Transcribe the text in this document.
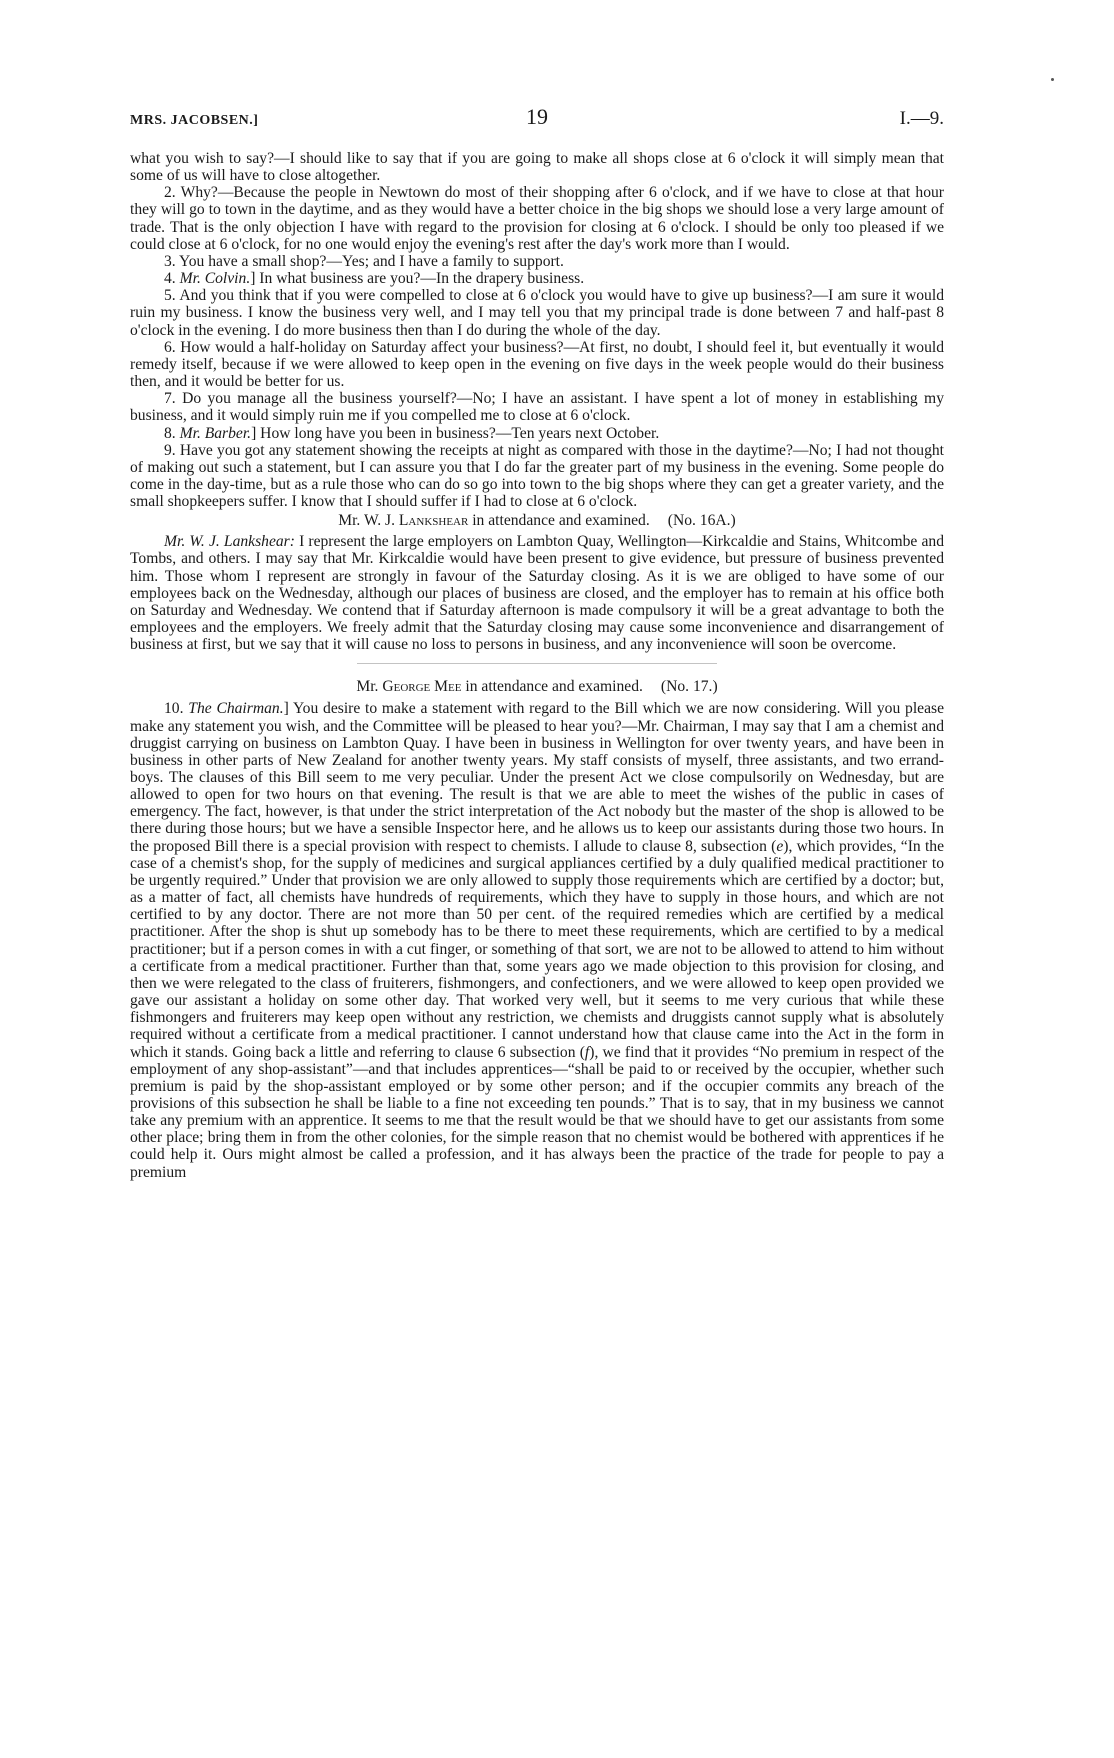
MRS. JACOBSEN.]	19	I.—9.

what you wish to say?—I should like to say that if you are going to make all shops close at 6 o'clock it will simply mean that some of us will have to close altogether.

2. Why?—Because the people in Newtown do most of their shopping after 6 o'clock, and if we have to close at that hour they will go to town in the daytime, and as they would have a better choice in the big shops we should lose a very large amount of trade. That is the only objection I have with regard to the provision for closing at 6 o'clock. I should be only too pleased if we could close at 6 o'clock, for no one would enjoy the evening's rest after the day's work more than I would.

3. You have a small shop?—Yes; and I have a family to support.

4. Mr. Colvin.] In what business are you?—In the drapery business.

5. And you think that if you were compelled to close at 6 o'clock you would have to give up business?—I am sure it would ruin my business. I know the business very well, and I may tell you that my principal trade is done between 7 and half-past 8 o'clock in the evening. I do more business then than I do during the whole of the day.

6. How would a half-holiday on Saturday affect your business?—At first, no doubt, I should feel it, but eventually it would remedy itself, because if we were allowed to keep open in the evening on five days in the week people would do their business then, and it would be better for us.

7. Do you manage all the business yourself?—No; I have an assistant. I have spent a lot of money in establishing my business, and it would simply ruin me if you compelled me to close at 6 o'clock.

8. Mr. Barber.] How long have you been in business?—Ten years next October.

9. Have you got any statement showing the receipts at night as compared with those in the daytime?—No; I had not thought of making out such a statement, but I can assure you that I do far the greater part of my business in the evening. Some people do come in the day-time, but as a rule those who can do so go into town to the big shops where they can get a greater variety, and the small shopkeepers suffer. I know that I should suffer if I had to close at 6 o'clock.

Mr. W. J. Lankshear in attendance and examined. (No. 16A.)

Mr. W. J. Lankshear: I represent the large employers on Lambton Quay, Wellington—Kirkcaldie and Stains, Whitcombe and Tombs, and others. I may say that Mr. Kirkcaldie would have been present to give evidence, but pressure of business prevented him. Those whom I represent are strongly in favour of the Saturday closing. As it is we are obliged to have some of our employees back on the Wednesday, although our places of business are closed, and the employer has to remain at his office both on Saturday and Wednesday. We contend that if Saturday afternoon is made compulsory it will be a great advantage to both the employees and the employers. We freely admit that the Saturday closing may cause some inconvenience and disarrangement of business at first, but we say that it will cause no loss to persons in business, and any inconvenience will soon be overcome.

Mr. George Mee in attendance and examined. (No. 17.)

10. The Chairman.] You desire to make a statement with regard to the Bill which we are now considering. Will you please make any statement you wish, and the Committee will be pleased to hear you?—Mr. Chairman, I may say that I am a chemist and druggist carrying on business on Lambton Quay. I have been in business in Wellington for over twenty years, and have been in business in other parts of New Zealand for another twenty years. My staff consists of myself, three assistants, and two errand-boys. The clauses of this Bill seem to me very peculiar. Under the present Act we close compulsorily on Wednesday, but are allowed to open for two hours on that evening. The result is that we are able to meet the wishes of the public in cases of emergency. The fact, however, is that under the strict interpretation of the Act nobody but the master of the shop is allowed to be there during those hours; but we have a sensible Inspector here, and he allows us to keep our assistants during those two hours. In the proposed Bill there is a special provision with respect to chemists. I allude to clause 8, subsection (e), which provides, “In the case of a chemist's shop, for the supply of medicines and surgical appliances certified by a duly qualified medical practitioner to be urgently required.” Under that provision we are only allowed to supply those requirements which are certified by a doctor; but, as a matter of fact, all chemists have hundreds of requirements, which they have to supply in those hours, and which are not certified to by any doctor. There are not more than 50 per cent. of the required remedies which are certified by a medical practitioner. After the shop is shut up somebody has to be there to meet these requirements, which are certified to by a medical practitioner; but if a person comes in with a cut finger, or something of that sort, we are not to be allowed to attend to him without a certificate from a medical practitioner. Further than that, some years ago we made objection to this provision for closing, and then we were relegated to the class of fruiterers, fishmongers, and confectioners, and we were allowed to keep open provided we gave our assistant a holiday on some other day. That worked very well, but it seems to me very curious that while these fishmongers and fruiterers may keep open without any restriction, we chemists and druggists cannot supply what is absolutely required without a certificate from a medical practitioner. I cannot understand how that clause came into the Act in the form in which it stands. Going back a little and referring to clause 6 subsection (f), we find that it provides “No premium in respect of the employment of any shop-assistant”—and that includes apprentices—“shall be paid to or received by the occupier, whether such premium is paid by the shop-assistant employed or by some other person; and if the occupier commits any breach of the provisions of this subsection he shall be liable to a fine not exceeding ten pounds.” That is to say, that in my business we cannot take any premium with an apprentice. It seems to me that the result would be that we should have to get our assistants from some other place; bring them in from the other colonies, for the simple reason that no chemist would be bothered with apprentices if he could help it. Ours might almost be called a profession, and it has always been the practice of the trade for people to pay a premium
